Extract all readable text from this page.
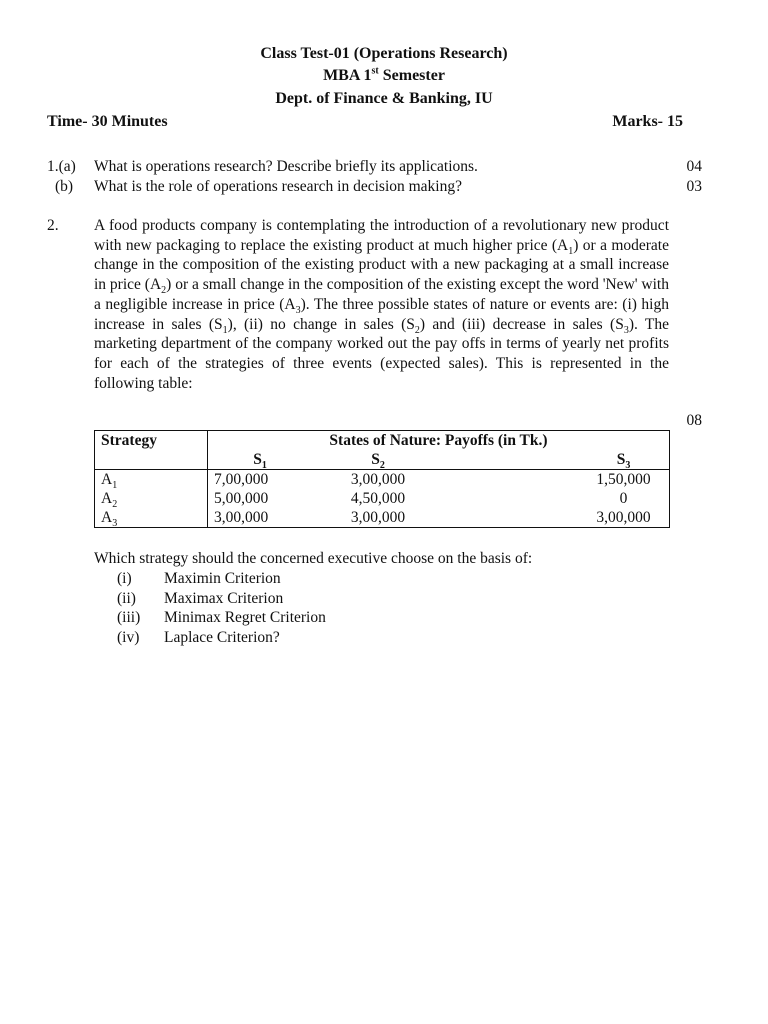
Class Test-01 (Operations Research)
MBA 1st Semester
Dept. of Finance & Banking, IU
Time- 30 Minutes	Marks- 15
1.(a) What is operations research? Describe briefly its applications.	04
(b) What is the role of operations research in decision making?	03
2. A food products company is contemplating the introduction of a revolutionary new product with new packaging to replace the existing product at much higher price $(A_1)$ or a moderate change in the composition of the existing product with a new packaging at a small increase in price $(A_2)$ or a small change in the composition of the existing except the word 'New' with a negligible increase in price $(A_3)$. The three possible states of nature or events are: (i) high increase in sales $(S_1)$, (ii) no change in sales $(S_2)$ and (iii) decrease in sales $(S_3)$. The marketing department of the company worked out the pay offs in terms of yearly net profits for each of the strategies of three events (expected sales). This is represented in the following table:
08
Strategy	States of Nature: Payoffs (in Tk.)		
	$S_1$	$S_2$	$S_3$
$A_1$	7,00,000	3,00,000	1,50,000
$A_2$	5,00,000	4,50,000	0
$A_3$	3,00,000	3,00,000	3,00,000
Which strategy should the concerned executive choose on the basis of:
(i) Maximin Criterion
(ii) Maximax Criterion
(iii) Minimax Regret Criterion
(iv) Laplace Criterion?
